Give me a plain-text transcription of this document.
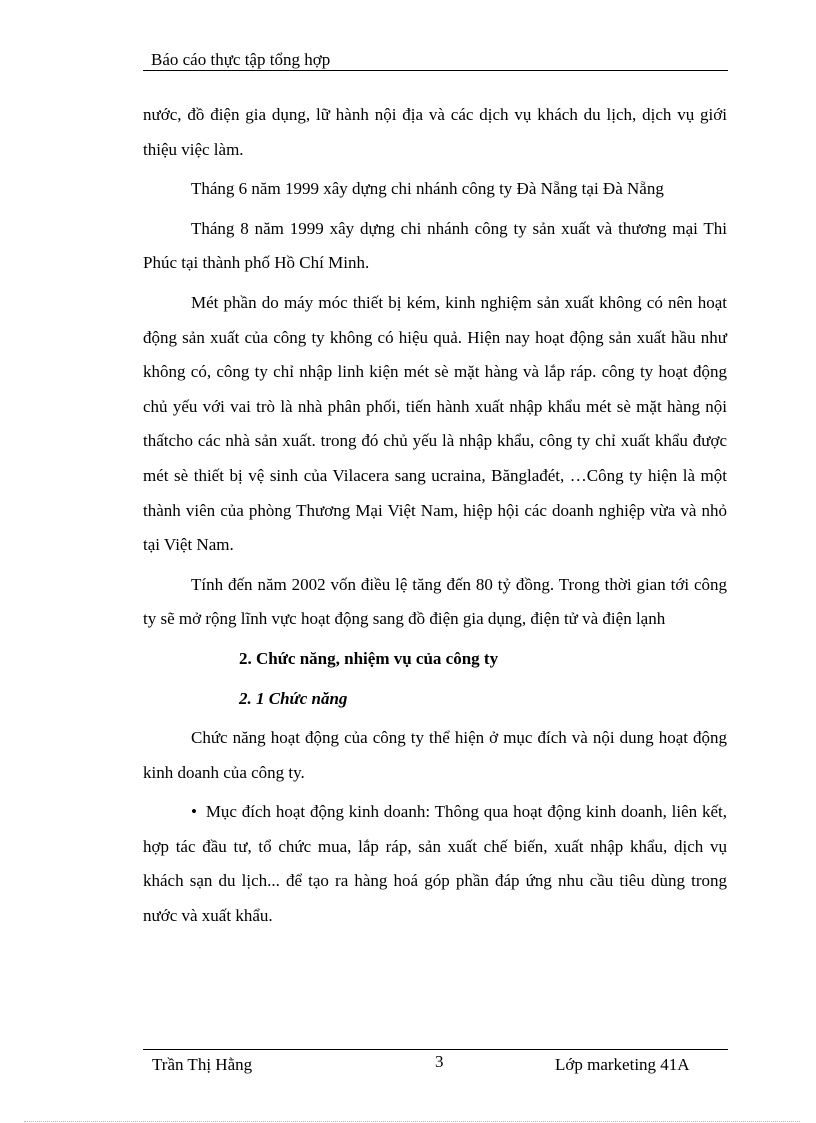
Báo cáo thực tập tổng hợp

nước, đồ điện gia dụng, lữ hành nội địa và các dịch vụ khách du lịch, dịch vụ giới thiệu việc làm.

Tháng 6 năm 1999 xây dựng chi nhánh công ty Đà Nẵng tại Đà Nẵng

Tháng 8 năm 1999 xây dựng chi nhánh công ty sản xuất và thương mại Thi Phúc tại thành phố Hồ Chí Minh.

Mét phần do máy móc thiết bị kém, kinh nghiệm sản xuất không có nên hoạt động sản xuất của công ty không có hiệu quả. Hiện nay hoạt động sản xuất hầu như không có, công ty chỉ nhập linh kiện mét sè mặt hàng và lắp ráp. công ty hoạt động chủ yếu với vai trò là nhà phân phối, tiến hành xuất nhập khẩu mét sè mặt hàng nội thấtcho các nhà sản xuất. trong đó chủ yếu là nhập khẩu, công ty chỉ xuất khẩu được mét sè thiết bị vệ sinh của Vilacera sang ucraina, Bănglađét, …Công ty hiện là một thành viên của phòng Thương Mại Việt Nam, hiệp hội các doanh nghiệp vừa và nhỏ tại Việt Nam.

Tính đến năm 2002 vốn điều lệ tăng đến 80 tỷ đồng. Trong thời gian tới công ty sẽ mở rộng lĩnh vực hoạt động sang đồ điện gia dụng, điện tử và điện lạnh

2. Chức năng, nhiệm vụ của công ty

2. 1 Chức năng

Chức năng hoạt động của công ty thể hiện ở mục đích và nội dung hoạt động kinh doanh của công ty.

• Mục đích hoạt động kinh doanh: Thông qua hoạt động kinh doanh, liên kết, hợp tác đầu tư, tổ chức mua, lắp ráp, sản xuất chế biến, xuất nhập khẩu, dịch vụ khách sạn du lịch... để tạo ra hàng hoá góp phần đáp ứng nhu cầu tiêu dùng trong nước và xuất khẩu.

Trần Thị Hằng	3	Lớp marketing 41A
